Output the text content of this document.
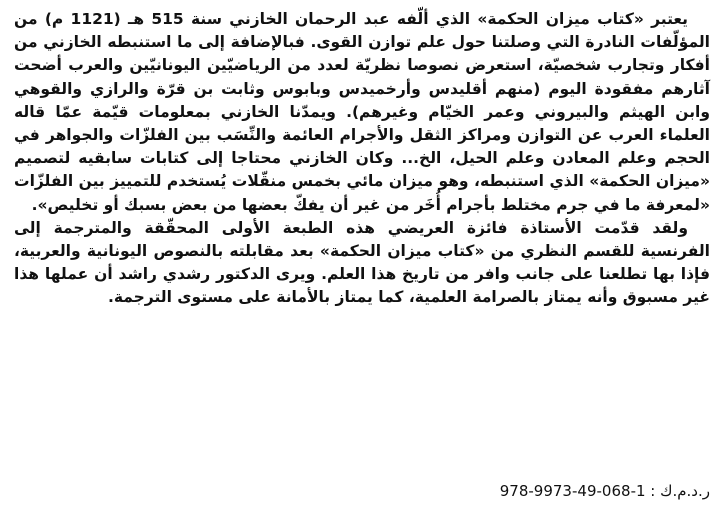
يعتبر «كتاب ميزان الحكمة» الذي ألّفه عبد الرحمان الخازني سنة 515 هـ (1121 م) من المؤلّفات النادرة التي وصلتنا حول علم توازن القوى. فبالإضافة إلى ما استنبطه الخازني من أفكار وتجارب شخصيّة، استعرض نصوصا نظريّة لعدد من الرياضيّين اليونانيّين والعرب أضحت آثارهم مفقودة اليوم (منهم أقليدس وأرخميدس وبابوس وثابت بن قرّة والرازي والقوهي وابن الهيثم والبيروني وعمر الخيّام وغيرهم). ويمدّنا الخازني بمعلومات قيّمة عمّا قاله العلماء العرب عن التوازن ومراكز الثقل والأجرام العائمة والنِّسَب بين الفلزّات والجواهر في الحجم وعلم المعادن وعلم الحيل، الخ... وكان الخازني محتاجا إلى كتابات سابقيه لتصميم «ميزان الحكمة» الذي استنبطه، وهو ميزان مائي بخمس منقّلات يُستخدم للتمييز بين الفلزّات «لمعرفة ما في جرم مختلط بأجرام أُخَر من غير أن يفكّ بعضها من بعض بسبك أو تخليص».

ولقد قدّمت الأستاذة فائزة العريضي هذه الطبعة الأولى المحقّقة والمترجمة إلى الفرنسية للقسم النظري من «كتاب ميزان الحكمة» بعد مقابلته بالنصوص اليونانية والعربية، فإذا بها تطلعنا على جانب وافر من تاريخ هذا العلم. ويرى الدكتور رشدي راشد أن عملها هذا غير مسبوق وأنه يمتاز بالصرامة العلمية، كما يمتاز بالأمانة على مستوى الترجمة.

ر.د.م.ك : 1-068-49-9973-978
